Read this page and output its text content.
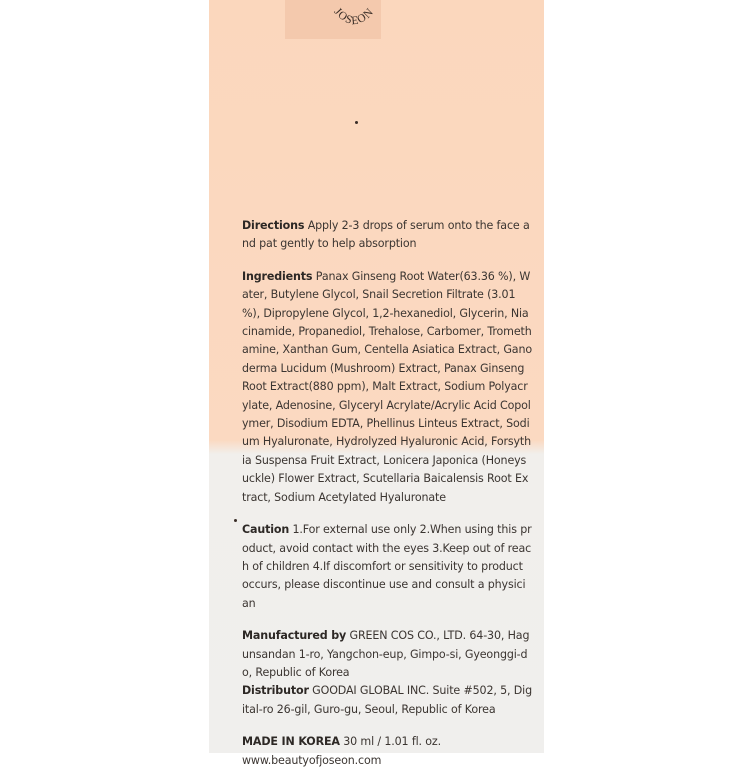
JOSEON

Directions Apply 2-3 drops of serum onto the face and pat gently to help absorption

Ingredients Panax Ginseng Root Water(63.36 %), Water, Butylene Glycol, Snail Secretion Filtrate (3.01 %), Dipropylene Glycol, 1,2-hexanediol, Glycerin, Niacinamide, Propanediol, Trehalose, Carbomer, Tromethamine, Xanthan Gum, Centella Asiatica Extract, Ganoderma Lucidum (Mushroom) Extract, Panax Ginseng Root Extract(880 ppm), Malt Extract, Sodium Polyacrylate, Adenosine, Glyceryl Acrylate/Acrylic Acid Copolymer, Disodium EDTA, Phellinus Linteus Extract, Sodium Hyaluronate, Hydrolyzed Hyaluronic Acid, Forsythia Suspensa Fruit Extract, Lonicera Japonica (Honeysuckle) Flower Extract, Scutellaria Baicalensis Root Extract, Sodium Acetylated Hyaluronate

Caution 1.For external use only 2.When using this product, avoid contact with the eyes 3.Keep out of reach of children 4.If discomfort or sensitivity to product occurs, please discontinue use and consult a physician

Manufactured by GREEN COS CO., LTD. 64-30, Hagunsandan 1-ro, Yangchon-eup, Gimpo-si, Gyeonggi-do, Republic of Korea

Distributor GOODAI GLOBAL INC. Suite #502, 5, Digital-ro 26-gil, Guro-gu, Seoul, Republic of Korea

MADE IN KOREA 30 ml / 1.01 fl. oz.

www.beautyofjoseon.com
